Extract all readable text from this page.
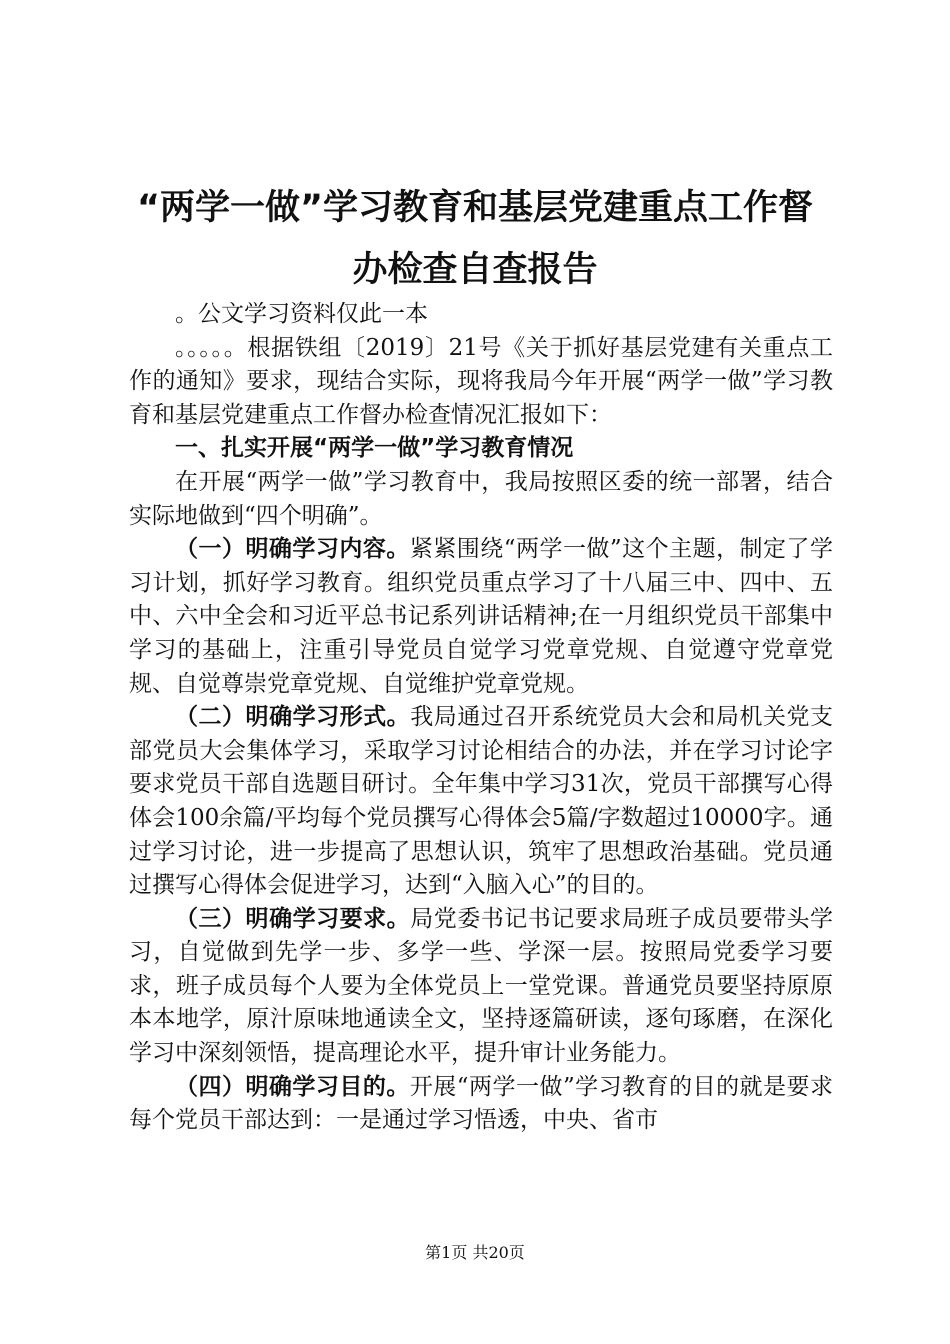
“两学一做”学习教育和基层党建重点工作督
办检查自查报告

。公文学习资料仅此一本

。。。。。根据铁组〔2019〕21号《关于抓好基层党建有关重点工作的通知》要求，现结合实际，现将我局今年开展“两学一做”学习教育和基层党建重点工作督办检查情况汇报如下：

一、扎实开展“两学一做”学习教育情况

在开展“两学一做”学习教育中，我局按照区委的统一部署，结合实际地做到“四个明确”。

（一）明确学习内容。紧紧围绕“两学一做”这个主题，制定了学习计划，抓好学习教育。组织党员重点学习了十八届三中、四中、五中、六中全会和习近平总书记系列讲话精神;在一月组织党员干部集中学习的基础上，注重引导党员自觉学习党章党规、自觉遵守党章党规、自觉尊崇党章党规、自觉维护党章党规。

（二）明确学习形式。我局通过召开系统党员大会和局机关党支部党员大会集体学习，采取学习讨论相结合的办法，并在学习讨论字要求党员干部自选题目研讨。全年集中学习31次，党员干部撰写心得体会100余篇/平均每个党员撰写心得体会5篇/字数超过10000字。通过学习讨论，进一步提高了思想认识，筑牢了思想政治基础。党员通过撰写心得体会促进学习，达到“入脑入心”的目的。

（三）明确学习要求。局党委书记书记要求局班子成员要带头学习，自觉做到先学一步、多学一些、学深一层。按照局党委学习要求，班子成员每个人要为全体党员上一堂党课。普通党员要坚持原原本本地学，原汁原味地通读全文，坚持逐篇研读，逐句琢磨，在深化学习中深刻领悟，提高理论水平，提升审计业务能力。

（四）明确学习目的。开展“两学一做”学习教育的目的就是要求每个党员干部达到：一是通过学习悟透，中央、省市

第1页 共20页
